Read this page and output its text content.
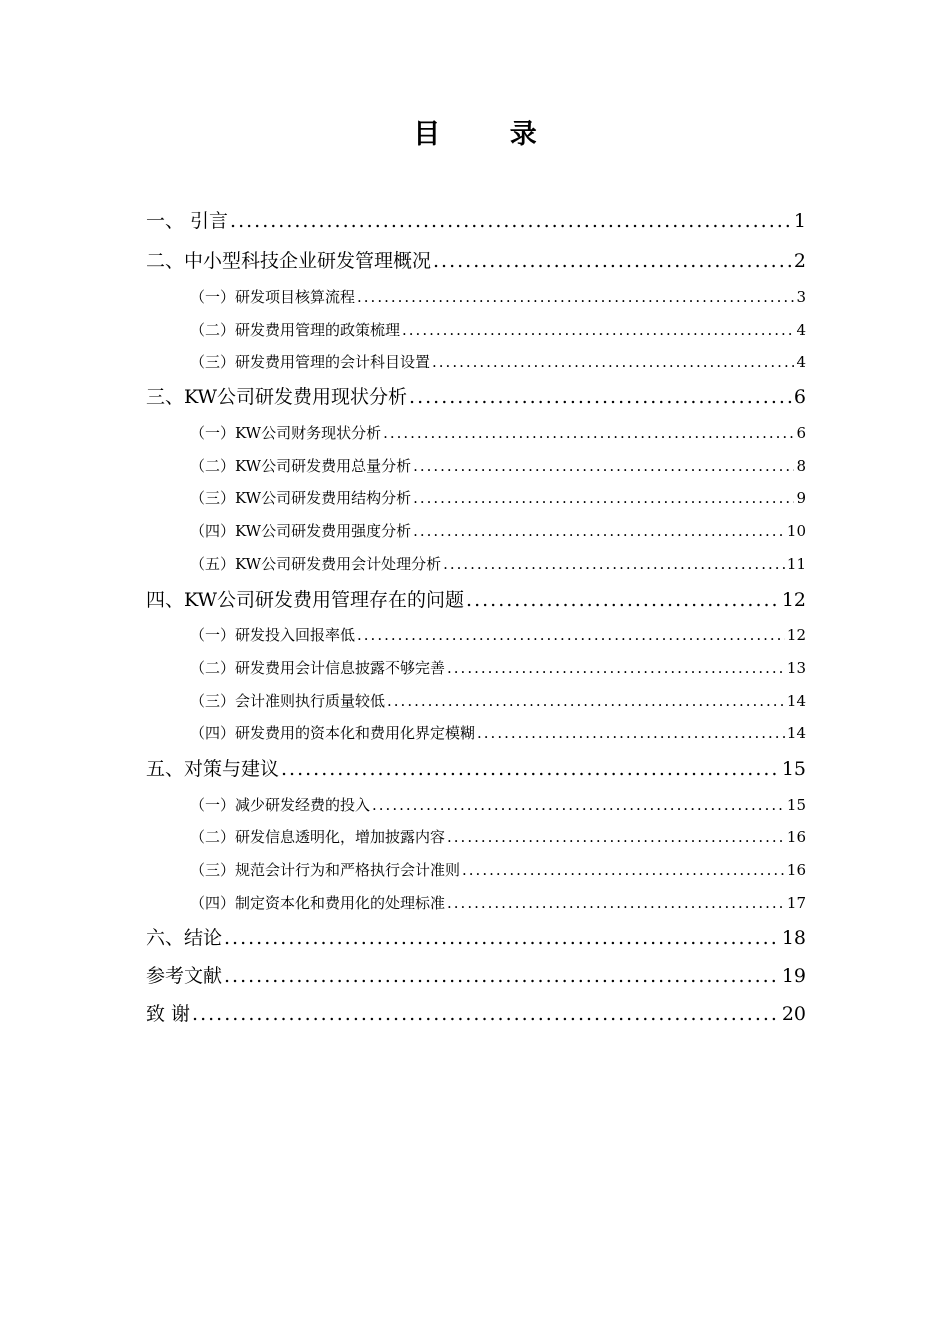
目 录
一、 引言 .....	1
二、中小型科技企业研发管理概况 .....	2
（一）研发项目核算流程 .....	3
（二）研发费用管理的政策梳理 .....	4
（三）研发费用管理的会计科目设置 .....	4
三、KW公司研发费用现状分析 .....	6
（一）KW公司财务现状分析 .....	6
（二）KW公司研发费用总量分析 .....	8
（三）KW公司研发费用结构分析 .....	9
（四）KW公司研发费用强度分析 .....	10
（五）KW公司研发费用会计处理分析 .....	11
四、KW公司研发费用管理存在的问题 .....	12
（一）研发投入回报率低 .....	12
（二）研发费用会计信息披露不够完善 .....	13
（三）会计准则执行质量较低 .....	14
（四）研发费用的资本化和费用化界定模糊 .....	14
五、对策与建议 .....	15
（一）减少研发经费的投入 .....	15
（二）研发信息透明化，增加披露内容 .....	16
（三）规范会计行为和严格执行会计准则 .....	16
（四）制定资本化和费用化的处理标准 .....	17
六、结论 .....	18
参考文献 .....	19
致 谢 .....	20
